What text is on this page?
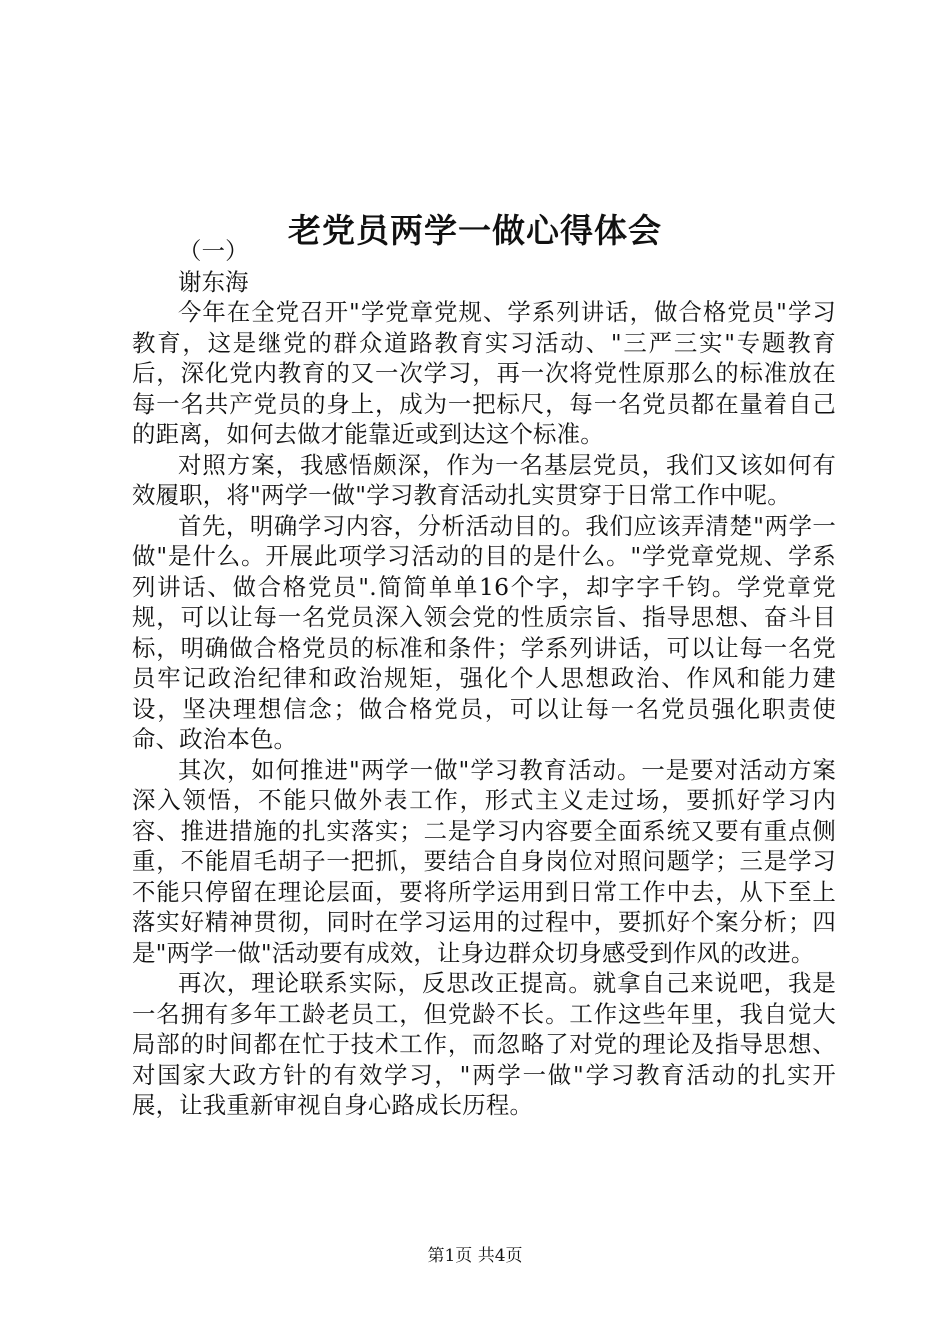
老党员两学一做心得体会

（一）

谢东海

今年在全党召开"学党章党规、学系列讲话，做合格党员"学习教育，这是继党的群众道路教育实习活动、"三严三实"专题教育后，深化党内教育的又一次学习，再一次将党性原那么的标准放在每一名共产党员的身上，成为一把标尺，每一名党员都在量着自己的距离，如何去做才能靠近或到达这个标准。

对照方案，我感悟颇深，作为一名基层党员，我们又该如何有效履职，将"两学一做"学习教育活动扎实贯穿于日常工作中呢。

首先，明确学习内容，分析活动目的。我们应该弄清楚"两学一做"是什么。开展此项学习活动的目的是什么。"学党章党规、学系列讲话、做合格党员".简简单单16个字，却字字千钧。学党章党规，可以让每一名党员深入领会党的性质宗旨、指导思想、奋斗目标，明确做合格党员的标准和条件；学系列讲话，可以让每一名党员牢记政治纪律和政治规矩，强化个人思想政治、作风和能力建设，坚决理想信念；做合格党员，可以让每一名党员强化职责使命、政治本色。

其次，如何推进"两学一做"学习教育活动。一是要对活动方案深入领悟，不能只做外表工作，形式主义走过场，要抓好学习内容、推进措施的扎实落实；二是学习内容要全面系统又要有重点侧重，不能眉毛胡子一把抓，要结合自身岗位对照问题学；三是学习不能只停留在理论层面，要将所学运用到日常工作中去，从下至上落实好精神贯彻，同时在学习运用的过程中，要抓好个案分析；四是"两学一做"活动要有成效，让身边群众切身感受到作风的改进。

再次，理论联系实际，反思改正提高。就拿自己来说吧，我是一名拥有多年工龄老员工，但党龄不长。工作这些年里，我自觉大局部的时间都在忙于技术工作，而忽略了对党的理论及指导思想、对国家大政方针的有效学习，"两学一做"学习教育活动的扎实开展，让我重新审视自身心路成长历程。

第1页 共4页
